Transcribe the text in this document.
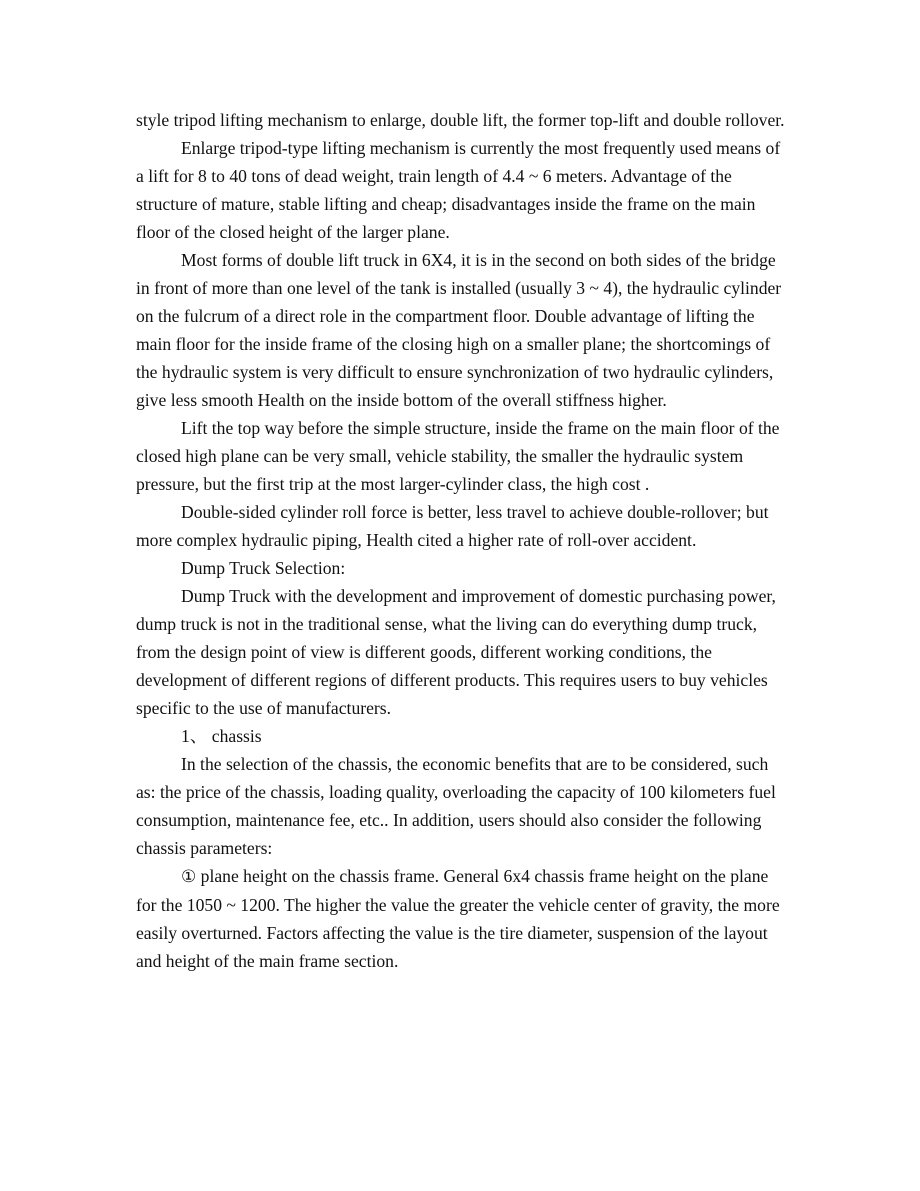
style tripod lifting mechanism to enlarge, double lift, the former top-lift and double rollover.

Enlarge tripod-type lifting mechanism is currently the most frequently used means of a lift for 8 to 40 tons of dead weight, train length of 4.4 ~ 6 meters. Advantage of the structure of mature, stable lifting and cheap; disadvantages inside the frame on the main floor of the closed height of the larger plane.

Most forms of double lift truck in 6X4, it is in the second on both sides of the bridge in front of more than one level of the tank is installed (usually 3 ~ 4), the hydraulic cylinder on the fulcrum of a direct role in the compartment floor. Double advantage of lifting the main floor for the inside frame of the closing high on a smaller plane; the shortcomings of the hydraulic system is very difficult to ensure synchronization of two hydraulic cylinders, give less smooth Health on the inside bottom of the overall stiffness higher.

Lift the top way before the simple structure, inside the frame on the main floor of the closed high plane can be very small, vehicle stability, the smaller the hydraulic system pressure, but the first trip at the most larger-cylinder class, the high cost .

Double-sided cylinder roll force is better, less travel to achieve double-rollover; but more complex hydraulic piping, Health cited a higher rate of roll-over accident.

Dump Truck Selection:

Dump Truck with the development and improvement of domestic purchasing power, dump truck is not in the traditional sense, what the living can do everything dump truck, from the design point of view is different goods, different working conditions, the development of different regions of different products. This requires users to buy vehicles specific to the use of manufacturers.

1、 chassis

In the selection of the chassis, the economic benefits that are to be considered, such as: the price of the chassis, loading quality, overloading the capacity of 100 kilometers fuel consumption, maintenance fee, etc.. In addition, users should also consider the following chassis parameters:

① plane height on the chassis frame. General 6x4 chassis frame height on the plane for the 1050 ~ 1200. The higher the value the greater the vehicle center of gravity, the more easily overturned. Factors affecting the value is the tire diameter, suspension of the layout and height of the main frame section.
